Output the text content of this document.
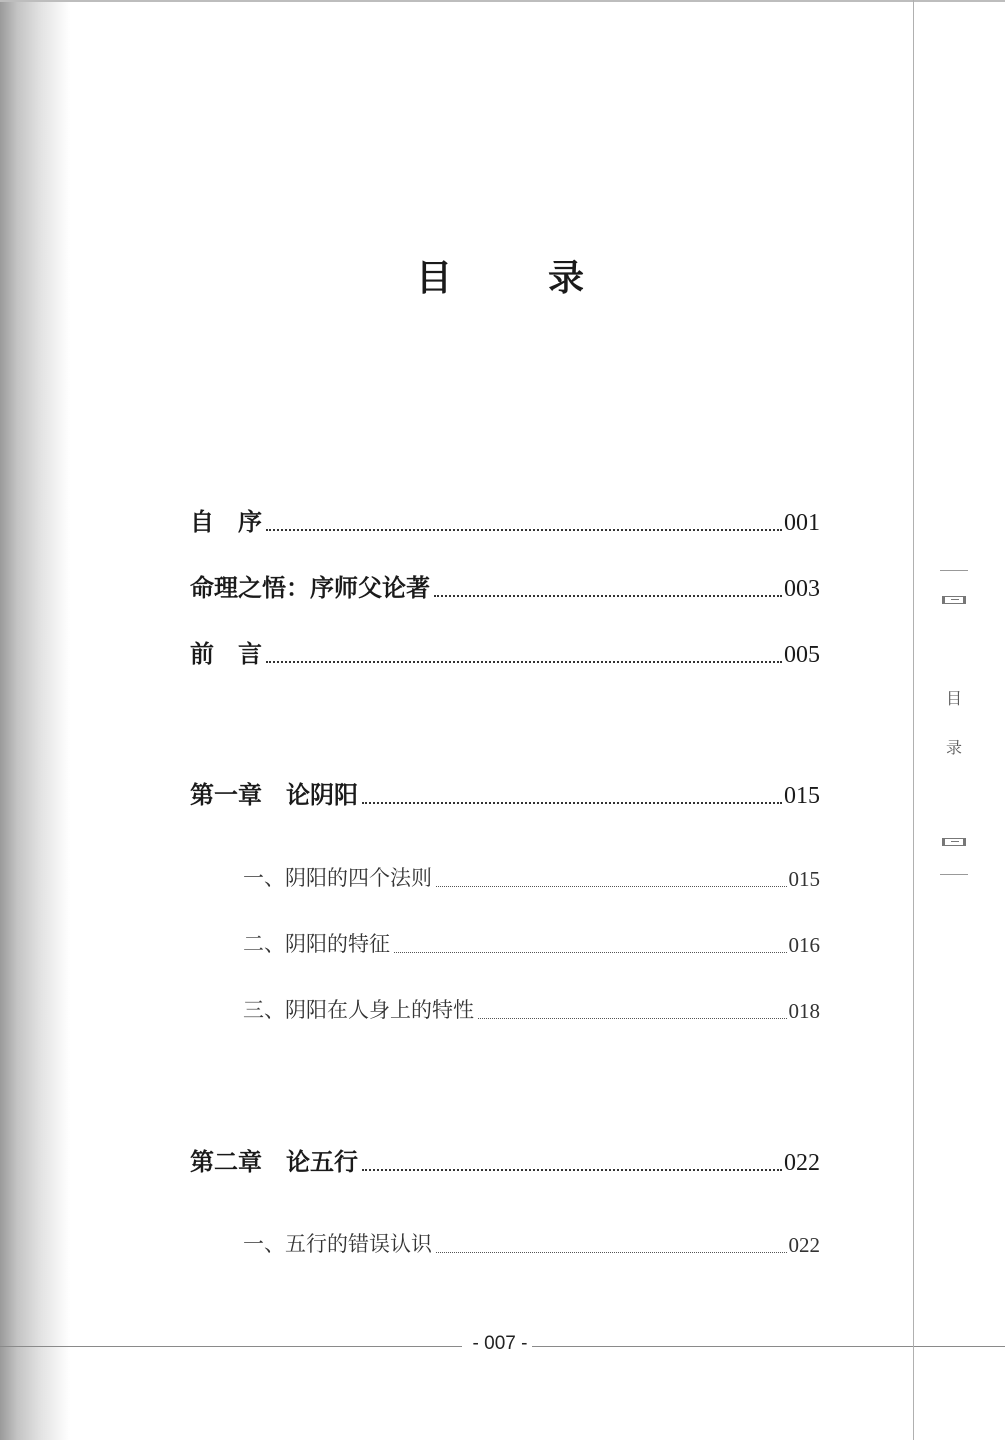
目　录
自　序	001
命理之悟：序师父论著	003
前　言	005
第一章　论阴阳	015
一、阴阳的四个法则	015
二、阴阳的特征	016
三、阴阳在人身上的特性	018
第二章　论五行	022
一、五行的错误认识	022
- 007 -
目
录
